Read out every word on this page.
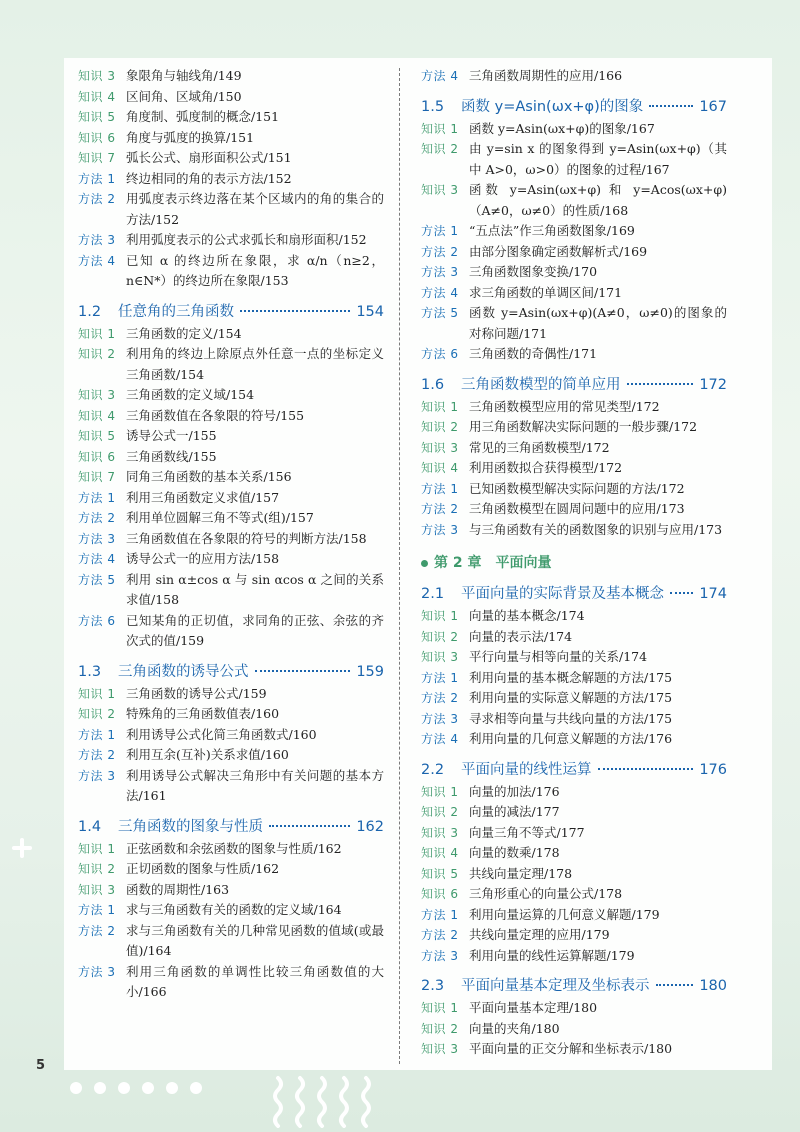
5
知识 3 象限角与轴线角/149
知识 4 区间角、区域角/150
知识 5 角度制、弧度制的概念/151
知识 6 角度与弧度的换算/151
知识 7 弧长公式、扇形面积公式/151
方法 1 终边相同的角的表示方法/152
方法 2 用弧度表示终边落在某个区域内的角的集合的方法/152
方法 3 利用弧度表示的公式求弧长和扇形面积/152
方法 4 已知 α 的终边所在象限，求 α/n（n≥2，n∈N*）的终边所在象限/153
1.2	任意角的三角函数	154
知识 1 三角函数的定义/154
知识 2 利用角的终边上除原点外任意一点的坐标定义三角函数/154
知识 3 三角函数的定义域/154
知识 4 三角函数值在各象限的符号/155
知识 5 诱导公式一/155
知识 6 三角函数线/155
知识 7 同角三角函数的基本关系/156
方法 1 利用三角函数定义求值/157
方法 2 利用单位圆解三角不等式(组)/157
方法 3 三角函数值在各象限的符号的判断方法/158
方法 4 诱导公式一的应用方法/158
方法 5 利用 sin α±cos α 与 sin αcos α 之间的关系求值/158
方法 6 已知某角的正切值，求同角的正弦、余弦的齐次式的值/159
1.3	三角函数的诱导公式	159
知识 1 三角函数的诱导公式/159
知识 2 特殊角的三角函数值表/160
方法 1 利用诱导公式化简三角函数式/160
方法 2 利用互余(互补)关系求值/160
方法 3 利用诱导公式解决三角形中有关问题的基本方法/161
1.4	三角函数的图象与性质	162
知识 1 正弦函数和余弦函数的图象与性质/162
知识 2 正切函数的图象与性质/162
知识 3 函数的周期性/163
方法 1 求与三角函数有关的函数的定义域/164
方法 2 求与三角函数有关的几种常见函数的值域(或最值)/164
方法 3 利用三角函数的单调性比较三角函数值的大小/166
方法 4 三角函数周期性的应用/166
1.5	函数 y=Asin(ωx+φ)的图象	167
知识 1 函数 y=Asin(ωx+φ)的图象/167
知识 2 由 y=sin x 的图象得到 y=Asin(ωx+φ)（其中 A>0，ω>0）的图象的过程/167
知识 3 函数 y=Asin(ωx+φ) 和 y=Acos(ωx+φ)（A≠0，ω≠0）的性质/168
方法 1 “五点法”作三角函数图象/169
方法 2 由部分图象确定函数解析式/169
方法 3 三角函数图象变换/170
方法 4 求三角函数的单调区间/171
方法 5 函数 y=Asin(ωx+φ)(A≠0，ω≠0)的图象的对称问题/171
方法 6 三角函数的奇偶性/171
1.6	三角函数模型的简单应用	172
知识 1 三角函数模型应用的常见类型/172
知识 2 用三角函数解决实际问题的一般步骤/172
知识 3 常见的三角函数模型/172
知识 4 利用函数拟合获得模型/172
方法 1 已知函数模型解决实际问题的方法/172
方法 2 三角函数模型在圆周问题中的应用/173
方法 3 与三角函数有关的函数图象的识别与应用/173
第 2 章 平面向量
2.1	平面向量的实际背景及基本概念 174
知识 1 向量的基本概念/174
知识 2 向量的表示法/174
知识 3 平行向量与相等向量的关系/174
方法 1 利用向量的基本概念解题的方法/175
方法 2 利用向量的实际意义解题的方法/175
方法 3 寻求相等向量与共线向量的方法/175
方法 4 利用向量的几何意义解题的方法/176
2.2	平面向量的线性运算	176
知识 1 向量的加法/176
知识 2 向量的减法/177
知识 3 向量三角不等式/177
知识 4 向量的数乘/178
知识 5 共线向量定理/178
知识 6 三角形重心的向量公式/178
方法 1 利用向量运算的几何意义解题/179
方法 2 共线向量定理的应用/179
方法 3 利用向量的线性运算解题/179
2.3	平面向量基本定理及坐标表示	180
知识 1 平面向量基本定理/180
知识 2 向量的夹角/180
知识 3 平面向量的正交分解和坐标表示/180
